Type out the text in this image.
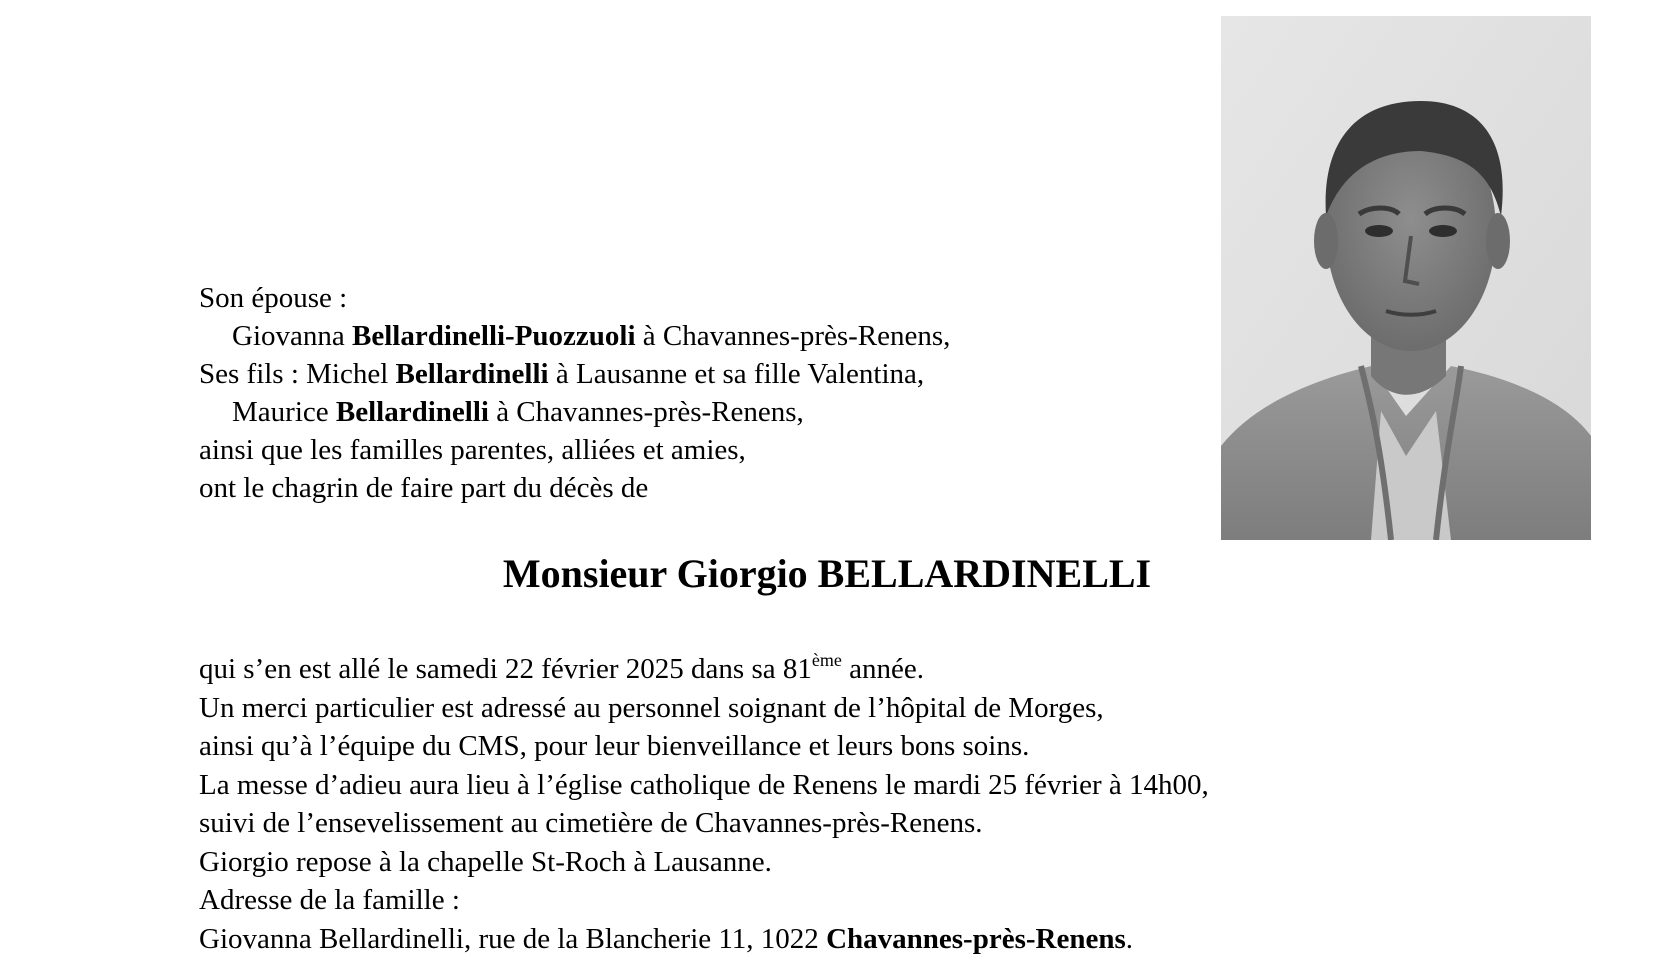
Son épouse :
Giovanna Bellardinelli-Puozzuoli à Chavannes-près-Renens,
Ses fils : Michel Bellardinelli à Lausanne et sa fille Valentina,
Maurice Bellardinelli à Chavannes-près-Renens,
ainsi que les familles parentes, alliées et amies,
ont le chagrin de faire part du décès de
Monsieur Giorgio BELLARDINELLI
qui s’en est allé le samedi 22 février 2025 dans sa 81ème année.
Un merci particulier est adressé au personnel soignant de l’hôpital de Morges,
ainsi qu’à l’équipe du CMS, pour leur bienveillance et leurs bons soins.
La messe d’adieu aura lieu à l’église catholique de Renens le mardi 25 février à 14h00,
suivi de l’ensevelissement au cimetière de Chavannes-près-Renens.
Giorgio repose à la chapelle St-Roch à Lausanne.
Adresse de la famille :
Giovanna Bellardinelli, rue de la Blancherie 11, 1022 Chavannes-près-Renens.
